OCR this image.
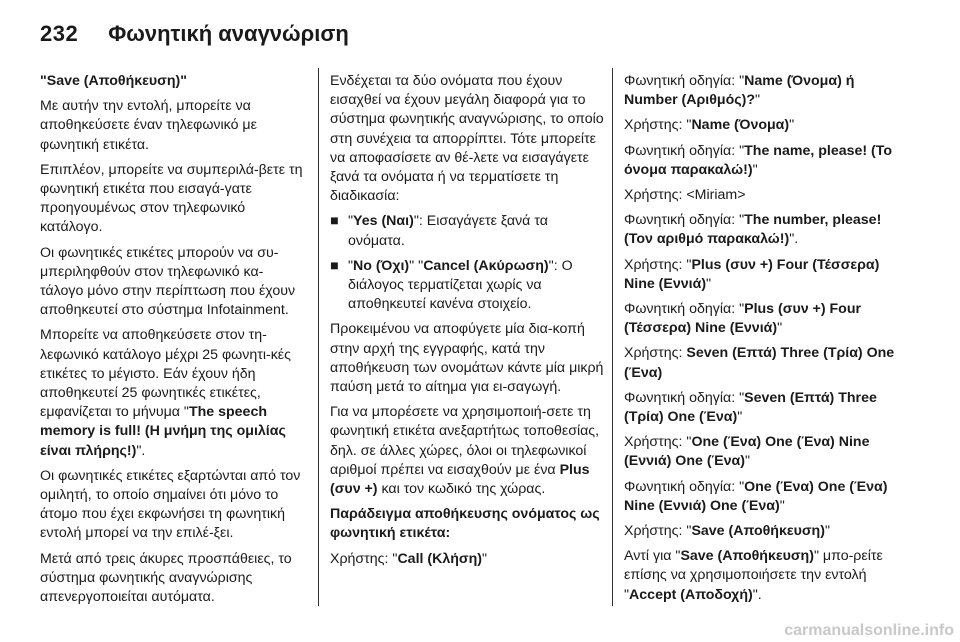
232 Φωνητική αναγνώριση

"Save (Αποθήκευση)"

Με αυτήν την εντολή, μπορείτε να αποθηκεύσετε έναν τηλεφωνικό με φωνητική ετικέτα.

Επιπλέον, μπορείτε να συμπεριλά-βετε τη φωνητική ετικέτα που εισαγά-γατε προηγουμένως στον τηλεφωνικό κατάλογο.

Οι φωνητικές ετικέτες μπορούν να συ-μπεριληφθούν στον τηλεφωνικό κα-τάλογο μόνο στην περίπτωση που έχουν αποθηκευτεί στο σύστημα Infotainment.

Μπορείτε να αποθηκεύσετε στον τη-λεφωνικό κατάλογο μέχρι 25 φωνητι-κές ετικέτες το μέγιστο. Εάν έχουν ήδη αποθηκευτεί 25 φωνητικές ετικέτες, εμφανίζεται το μήνυμα "The speech memory is full! (Η μνήμη της ομιλίας είναι πλήρης!)".

Οι φωνητικές ετικέτες εξαρτώνται από τον ομιλητή, το οποίο σημαίνει ότι μόνο το άτομο που έχει εκφωνήσει τη φωνητική εντολή μπορεί να την επιλέ-ξει.

Μετά από τρεις άκυρες προσπάθειες, το σύστημα φωνητικής αναγνώρισης απενεργοποιείται αυτόματα.

Ενδέχεται τα δύο ονόματα που έχουν εισαχθεί να έχουν μεγάλη διαφορά για το σύστημα φωνητικής αναγνώρισης, το οποίο στη συνέχεια τα απορρίπτει. Τότε μπορείτε να αποφασίσετε αν θέ-λετε να εισαγάγετε ξανά τα ονόματα ή να τερματίσετε τη διαδικασία:

■ "Yes (Ναι)": Εισαγάγετε ξανά τα ονόματα.
■ "No (Όχι)" "Cancel (Ακύρωση)": Ο διάλογος τερματίζεται χωρίς να αποθηκευτεί κανένα στοιχείο.

Προκειμένου να αποφύγετε μία δια-κοπή στην αρχή της εγγραφής, κατά την αποθήκευση των ονομάτων κάντε μία μικρή παύση μετά το αίτημα για ει-σαγωγή.

Για να μπορέσετε να χρησιμοποιή-σετε τη φωνητική ετικέτα ανεξαρτήτως τοποθεσίας, δηλ. σε άλλες χώρες, όλοι οι τηλεφωνικοί αριθμοί πρέπει να εισαχθούν με ένα Plus (συν +) και τον κωδικό της χώρας.

Παράδειγμα αποθήκευσης ονόματος ως φωνητική ετικέτα:

Χρήστης: "Call (Κλήση)"

Φωνητική οδηγία: "Name (Όνομα) ή Number (Αριθμός)?"

Χρήστης: "Name (Όνομα)"

Φωνητική οδηγία: "The name, please! (Το όνομα παρακαλώ!)"

Χρήστης: <Miriam>

Φωνητική οδηγία: "The number, please! (Τον αριθμό παρακαλώ!)".

Χρήστης: "Plus (συν +) Four (Τέσσερα) Nine (Εννιά)"

Φωνητική οδηγία: "Plus (συν +) Four (Τέσσερα) Nine (Εννιά)"

Χρήστης: Seven (Επτά) Three (Τρία) One (Ένα)

Φωνητική οδηγία: "Seven (Επτά) Three (Τρία) One (Ένα)"

Χρήστης: "One (Ένα) One (Ένα) Nine (Εννιά) One (Ένα)"

Φωνητική οδηγία: "One (Ένα) One (Ένα) Nine (Εννιά) One (Ένα)"

Χρήστης: "Save (Αποθήκευση)"

Αντί για "Save (Αποθήκευση)" μπο-ρείτε επίσης να χρησιμοποιήσετε την εντολή "Accept (Αποδοχή)".

carmanualsonline.info
